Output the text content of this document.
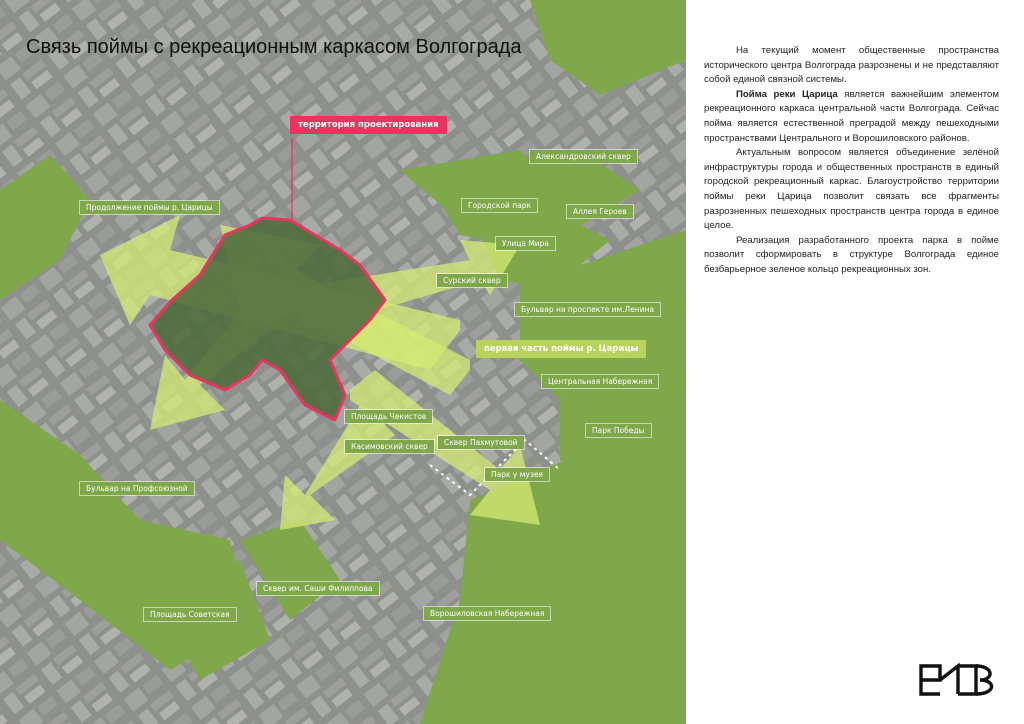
территория проектирования
первая часть поймы р. Царицы
Продолжение поймы р. Царицы
Александровский сквер
Городской парк
Аллея Героев
Улица Мира
Сурский сквер
Бульвар на проспекте им.Ленина
Центральная Набережная
Площадь Чекистов
Касимовский сквер	Сквер Пахмутовой
Парк Победы
Парк у музея
Бульвар на Профсоюзной
Сквер им. Саши Филиппова
Площадь Советская	Ворошиловская Набережная
Связь поймы с рекреационным каркасом Волгограда	На текущий момент общественные пространства исторического центра Волгограда разрознены и не представляют собой единой связной системы.

Пойма реки Царица является важнейшим элементом рекреационного каркаса центральной части Волгограда. Сейчас пойма является естественной преградой между пешеходными пространствами Центрального и Ворошиловского районов.

Актуальным вопросом является объединение зелёной инфраструктуры города и общественных пространств в единый городской рекреационный каркас. Благоустройство территории поймы реки Царица позволит связать все фрагменты разрозненных пешеходных пространств центра города в единое целое.

Реализация разработанного проекта парка в пойме позволит сформировать в структуре Волгограда единое безбарьерное зеленое кольцо рекреационных зон.
